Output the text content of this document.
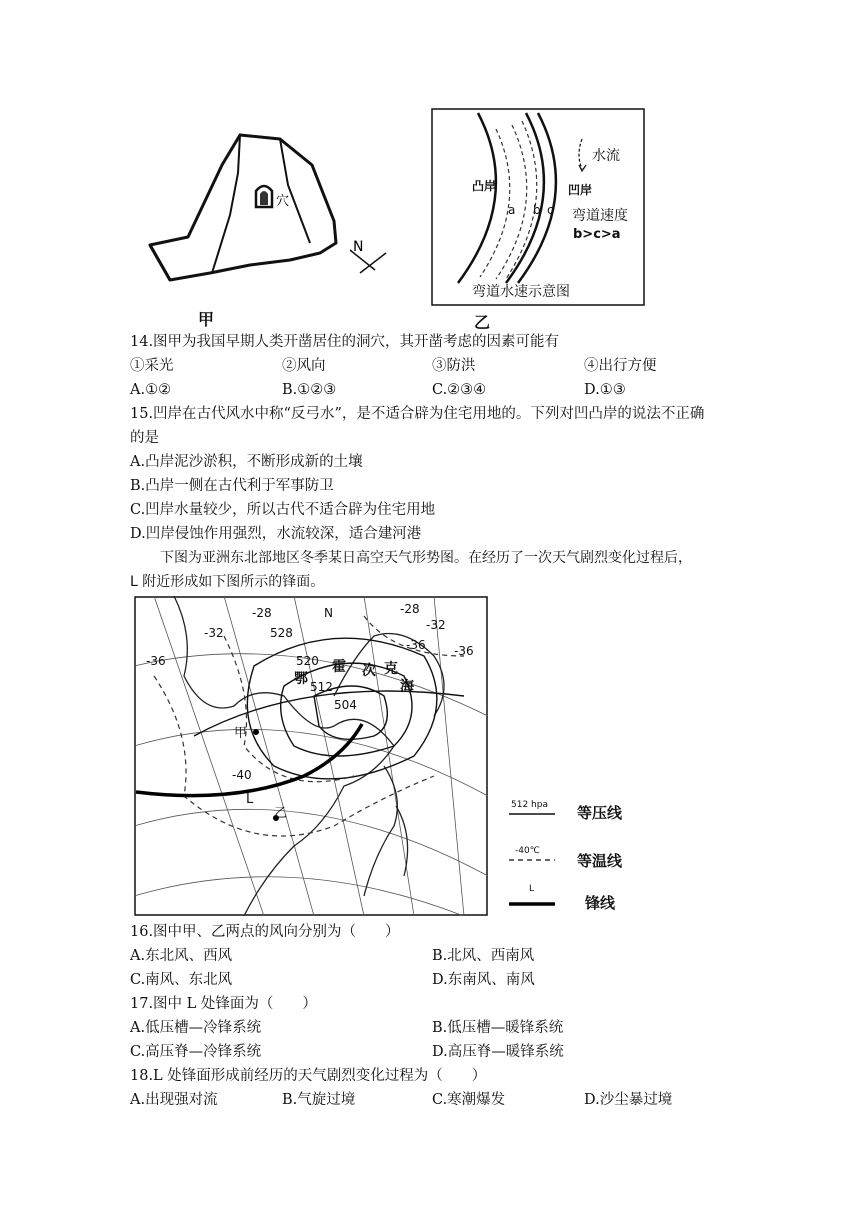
穴
N
甲
水流
凸岸	凹岸
a b c 弯道速度
b>c>a
弯道水速示意图
乙
14.图甲为我国早期人类开凿居住的洞穴，其开凿考虑的因素可能有
①采光	②风向	③防洪	④出行方便
A.①②	B.①②③	C.②③④	D.①③
15.凹岸在古代风水中称“反弓水”，是不适合辟为住宅用地的。下列对凹凸岸的说法不正确
的是
A.凸岸泥沙淤积，不断形成新的土壤
B.凸岸一侧在古代利于军事防卫
C.凹岸水量较少，所以古代不适合辟为住宅用地
D.凹岸侵蚀作用强烈，水流较深，适合建河港
下图为亚洲东北部地区冬季某日高空天气形势图。在经历了一次天气剧烈变化过程后，
L 附近形成如下图所示的锋面。
528
520
512
504
-28	-28
-32
-32
-36
-36 -36
-40
鄂
霍 次 克
海
N
甲
乙
L	512 hpa 等压线
-40℃
等温线
L
锋线
16.图中甲、乙两点的风向分别为（　　）
A.东北风、西风	B.北风、西南风
C.南风、东北风	D.东南风、南风
17.图中 L 处锋面为（　　）
A.低压槽—冷锋系统	B.低压槽—暖锋系统
C.高压脊—冷锋系统	D.高压脊—暖锋系统
18.L 处锋面形成前经历的天气剧烈变化过程为（　　）
A.出现强对流	B.气旋过境	C.寒潮爆发	D.沙尘暴过境
